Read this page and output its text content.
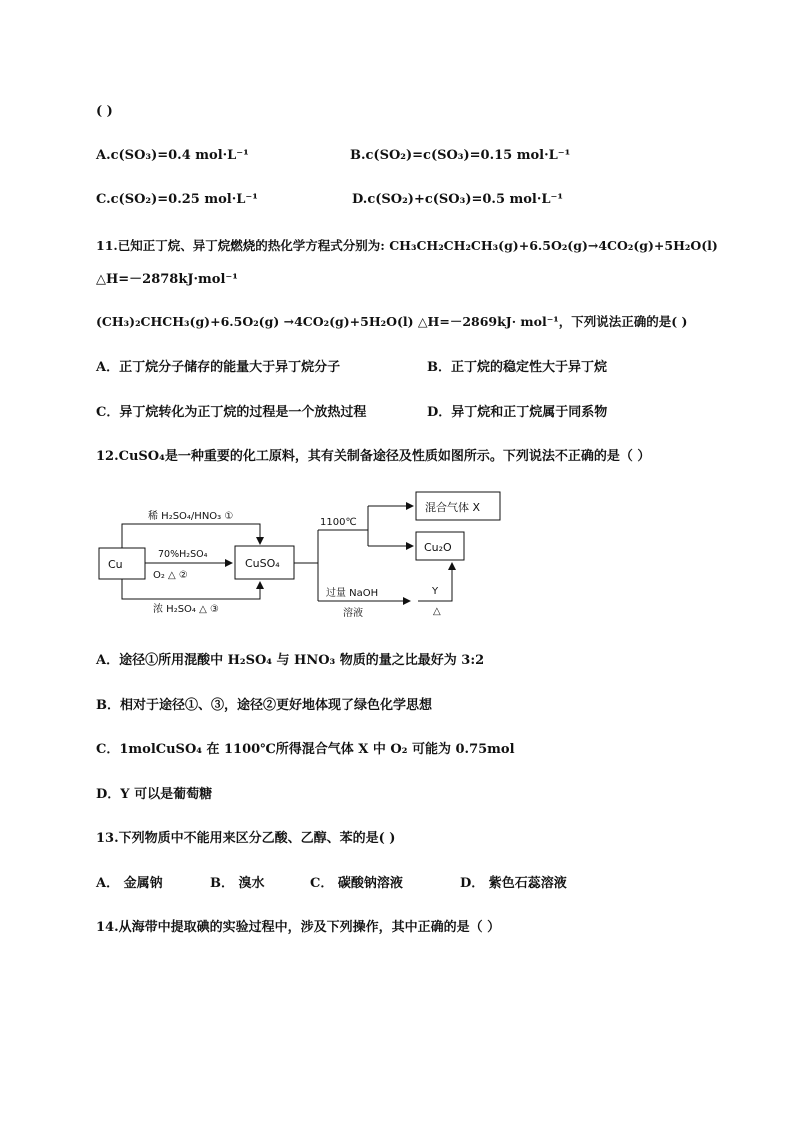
( )
A.c(SO₃)=0.4 mol·L⁻¹	B.c(SO₂)=c(SO₃)=0.15 mol·L⁻¹
C.c(SO₂)=0.25 mol·L⁻¹	D.c(SO₂)+c(SO₃)=0.5 mol·L⁻¹
11.已知正丁烷、异丁烷燃烧的热化学方程式分别为: CH₃CH₂CH₂CH₃(g)+6.5O₂(g)→4CO₂(g)+5H₂O(l)
△H=－2878kJ·mol⁻¹
(CH₃)₂CHCH₃(g)+6.5O₂(g) →4CO₂(g)+5H₂O(l) △H=－2869kJ· mol⁻¹，下列说法正确的是( )
A．正丁烷分子储存的能量大于异丁烷分子	B．正丁烷的稳定性大于异丁烷
C．异丁烷转化为正丁烷的过程是一个放热过程	D．异丁烷和正丁烷属于同系物
12.CuSO₄是一种重要的化工原料，其有关制备途径及性质如图所示。下列说法不正确的是（ ）
Cu	CuSO₄
混合气体 X
Cu₂O
稀 H₂SO₄/HNO₃ ①
70%H₂SO₄
O₂ △ ②
浓 H₂SO₄ △ ③
1100℃
过量 NaOH
溶液
Y
△
A．途径①所用混酸中 H₂SO₄ 与 HNO₃ 物质的量之比最好为 3:2
B．相对于途径①、③，途径②更好地体现了绿色化学思想
C．1molCuSO₄ 在 1100℃所得混合气体 X 中 O₂ 可能为 0.75mol
D．Y 可以是葡萄糖
13.下列物质中不能用来区分乙酸、乙醇、苯的是( )
A． 金属钠	B． 溴水	C． 碳酸钠溶液	D． 紫色石蕊溶液
14.从海带中提取碘的实验过程中，涉及下列操作，其中正确的是（ ）
